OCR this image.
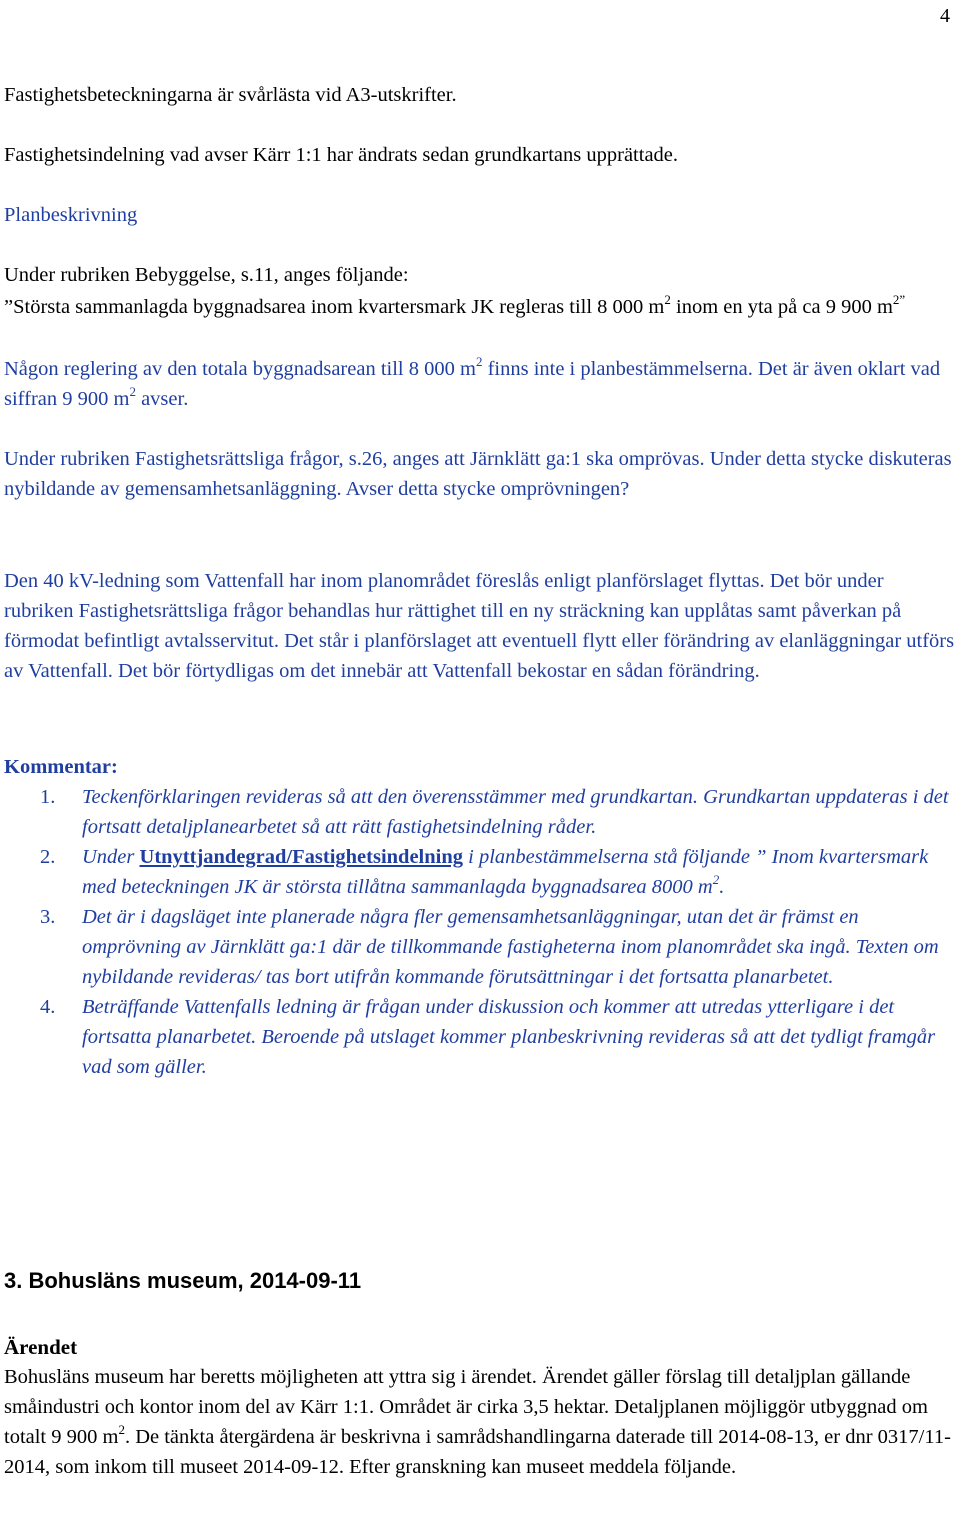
4

Fastighetsbeteckningarna är svårlästa vid A3-utskrifter.

Fastighetsindelning vad avser Kärr 1:1 har ändrats sedan grundkartans upprättade.

Planbeskrivning

Under rubriken Bebyggelse, s.11, anges följande:

”Största sammanlagda byggnadsarea inom kvartersmark JK regleras till 8 000 $m^2$ inom en yta på ca 9 900 $m^{2”}$

Någon reglering av den totala byggnadsarean till 8 000 $m^2$ finns inte i planbestämmelserna. Det är även oklart vad siffran 9 900 $m^2$ avser.

Under rubriken Fastighetsrättsliga frågor, s.26, anges att Järnklätt ga:1 ska omprövas. Under detta stycke diskuteras nybildande av gemensamhetsanläggning. Avser detta stycke omprövningen?

Den 40 kV-ledning som Vattenfall har inom planområdet föreslås enligt planförslaget flyttas. Det bör under rubriken Fastighetsrättsliga frågor behandlas hur rättighet till en ny sträckning kan upplåtas samt påverkan på förmodat befintligt avtalsservitut. Det står i planförslaget att eventuell flytt eller förändring av elanläggningar utförs av Vattenfall. Det bör förtydligas om det innebär att Vattenfall bekostar en sådan förändring.

Kommentar:

1. Teckenförklaringen revideras så att den överensstämmer med grundkartan. Grundkartan uppdateras i det fortsatt detaljplanearbetet så att rätt fastighetsindelning råder.
2. Under Utnyttjandegrad/Fastighetsindelning i planbestämmelserna stå följande ” Inom kvartersmark med beteckningen JK är största tillåtna sammanlagda byggnadsarea 8000 $m^2$.
3. Det är i dagsläget inte planerade några fler gemensamhetsanläggningar, utan det är främst en omprövning av Järnklätt ga:1 där de tillkommande fastigheterna inom planområdet ska ingå. Texten om nybildande revideras/ tas bort utifrån kommande förutsättningar i det fortsatta planarbetet.
4. Beträffande Vattenfalls ledning är frågan under diskussion och kommer att utredas ytterligare i det fortsatta planarbetet. Beroende på utslaget kommer planbeskrivning revideras så att det tydligt framgår vad som gäller.
3. Bohusläns museum, 2014-09-11

Ärendet

Bohusläns museum har beretts möjligheten att yttra sig i ärendet. Ärendet gäller förslag till detaljplan gällande småindustri och kontor inom del av Kärr 1:1. Området är cirka 3,5 hektar. Detaljplanen möjliggör utbyggnad om totalt 9 900 $m^2$. De tänkta återgärdena är beskrivna i samrådshandlingarna daterade till 2014-08-13, er dnr 0317/11-2014, som inkom till museet 2014-09-12. Efter granskning kan museet meddela följande.
